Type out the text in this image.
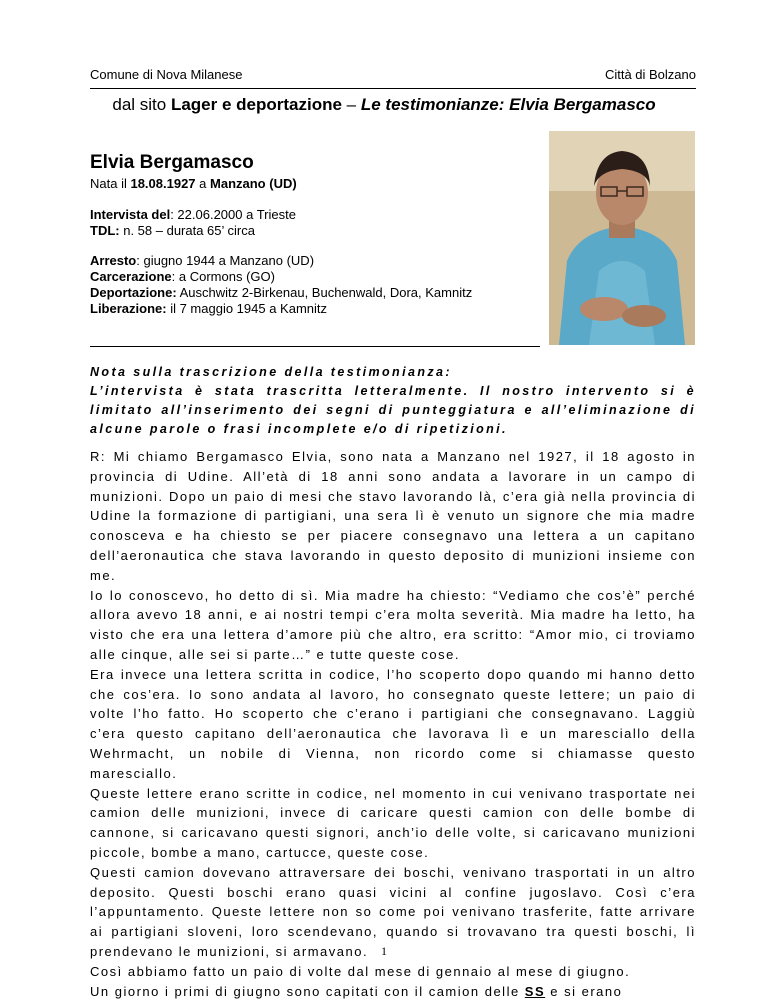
Comune di Nova Milanese	Città di Bolzano
dal sito Lager e deportazione – Le testimonianze: Elvia Bergamasco
Elvia Bergamasco
Nata il 18.08.1927 a Manzano (UD)
Intervista del: 22.06.2000 a Trieste
TDL: n. 58 – durata 65’ circa
Arresto: giugno 1944 a Manzano (UD)
Carcerazione: a Cormons (GO)
Deportazione: Auschwitz 2-Birkenau, Buchenwald, Dora, Kamnitz
Liberazione: il 7 maggio 1945 a Kamnitz
Nota sulla trascrizione della testimonianza:
L’intervista è stata trascritta letteralmente. Il nostro intervento si è limitato all’inserimento dei segni di punteggiatura e all’eliminazione di alcune parole o frasi incomplete e/o di ripetizioni.

R: Mi chiamo Bergamasco Elvia, sono nata a Manzano nel 1927, il 18 agosto in provincia di Udine. All’età di 18 anni sono andata a lavorare in un campo di munizioni. Dopo un paio di mesi che stavo lavorando là, c’era già nella provincia di Udine la formazione di partigiani, una sera lì è venuto un signore che mia madre conosceva e ha chiesto se per piacere consegnavo una lettera a un capitano dell’aeronautica che stava lavorando in questo deposito di munizioni insieme con me.

Io lo conoscevo, ho detto di sì. Mia madre ha chiesto: “Vediamo che cos’è” perché allora avevo 18 anni, e ai nostri tempi c’era molta severità. Mia madre ha letto, ha visto che era una lettera d’amore più che altro, era scritto: “Amor mio, ci troviamo alle cinque, alle sei si parte…” e tutte queste cose.

Era invece una lettera scritta in codice, l’ho scoperto dopo quando mi hanno detto che cos’era. Io sono andata al lavoro, ho consegnato queste lettere; un paio di volte l’ho fatto. Ho scoperto che c’erano i partigiani che consegnavano. Laggiù c’era questo capitano dell’aeronautica che lavorava lì e un maresciallo della Wehrmacht, un nobile di Vienna, non ricordo come si chiamasse questo maresciallo.

Queste lettere erano scritte in codice, nel momento in cui venivano trasportate nei camion delle munizioni, invece di caricare questi camion con delle bombe di cannone, si caricavano questi signori, anch’io delle volte, si caricavano munizioni piccole, bombe a mano, cartucce, queste cose.

Questi camion dovevano attraversare dei boschi, venivano trasportati in un altro deposito. Questi boschi erano quasi vicini al confine jugoslavo. Così c’era l’appuntamento. Queste lettere non so come poi venivano trasferite, fatte arrivare ai partigiani sloveni, loro scendevano, quando si trovavano tra questi boschi, lì prendevano le munizioni, si armavano.

Così abbiamo fatto un paio di volte dal mese di gennaio al mese di giugno.

Un giorno i primi di giugno sono capitati con il camion delle SS e si erano

1
